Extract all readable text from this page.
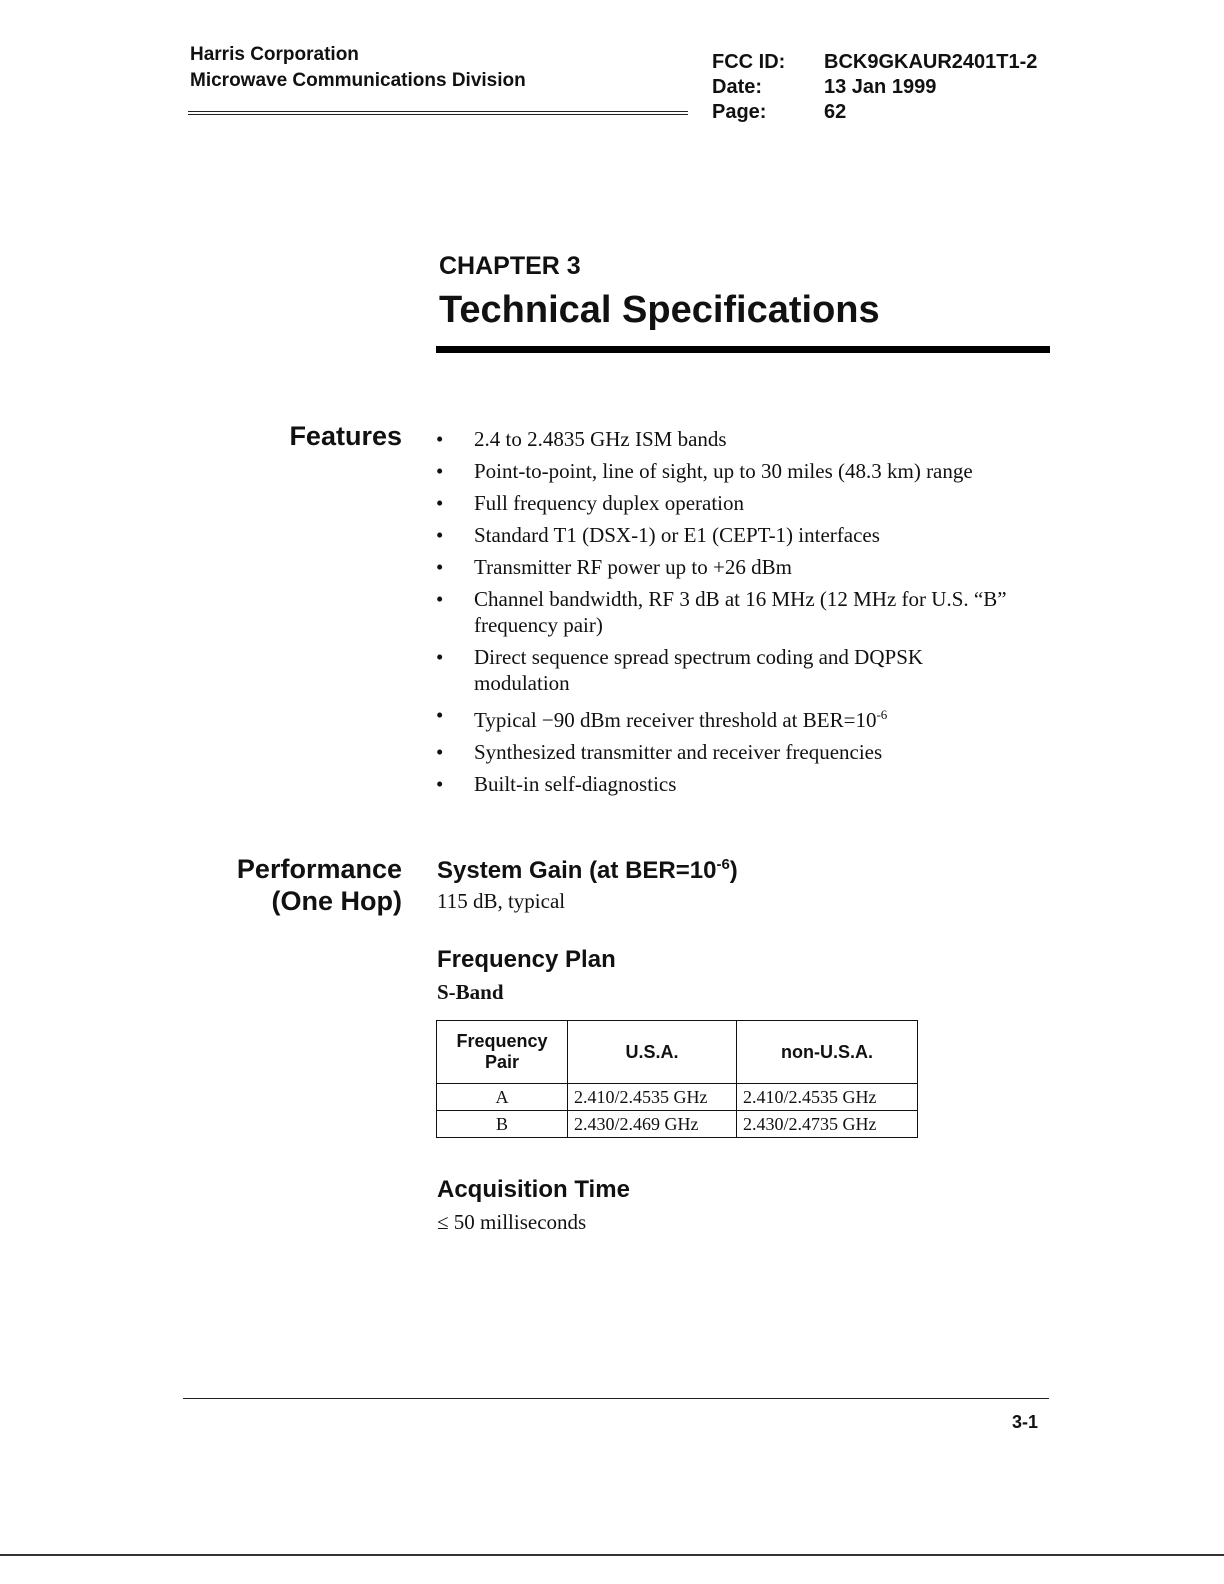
Harris Corporation
Microwave Communications Division
FCC ID:	BCK9GKAUR2401T1-2
Date:	13 Jan 1999
Page:	62
CHAPTER 3
Technical Specifications
Features • 2.4 to 2.4835 GHz ISM bands
• Point-to-point, line of sight, up to 30 miles (48.3 km) range
• Full frequency duplex operation
• Standard T1 (DSX-1) or E1 (CEPT-1) interfaces
• Transmitter RF power up to +26 dBm
• Channel bandwidth, RF 3 dB at 16 MHz (12 MHz for U.S. “B” frequency pair)
• Direct sequence spread spectrum coding and DQPSK modulation
• Typical −90 dBm receiver threshold at $BER=10^{-6}$
• Synthesized transmitter and receiver frequencies
• Built-in self-diagnostics
Performance
(One Hop)
System Gain (at $BER=10^{-6}$)
115 dB, typical
Frequency Plan
S-Band
Frequency Pair	U.S.A.	non-U.S.A.
A	2.410/2.4535 GHz	2.410/2.4535 GHz
B	2.430/2.469 GHz	2.430/2.4735 GHz
Acquisition Time
≤ 50 milliseconds
3-1
